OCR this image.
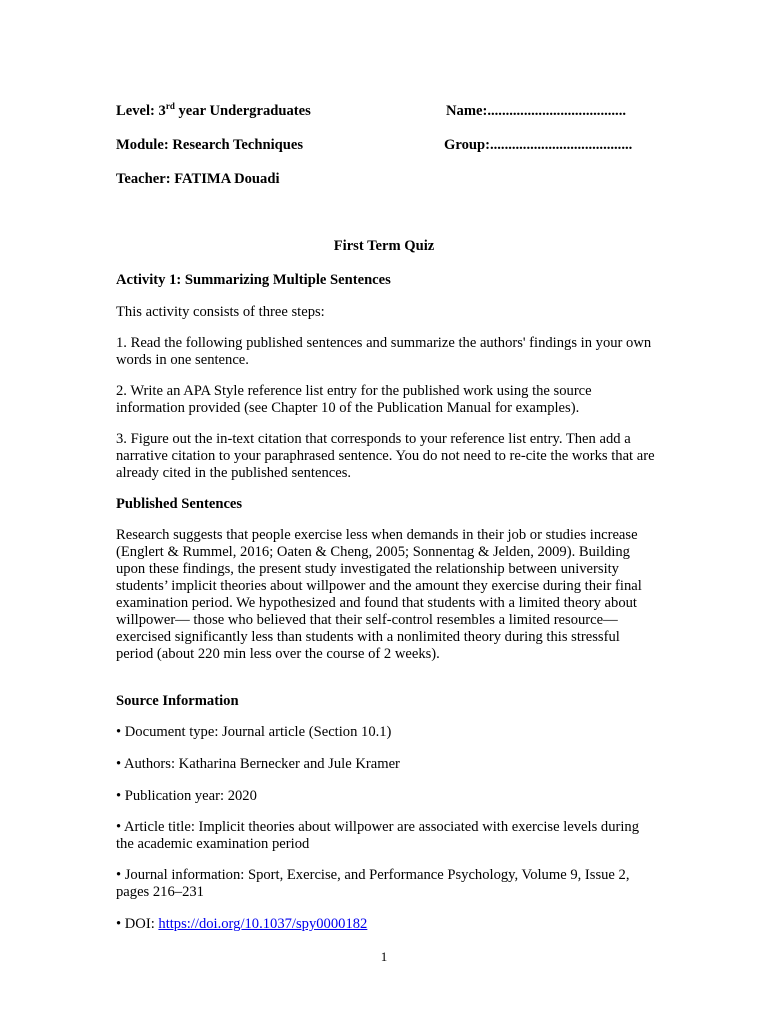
Level: 3rd year Undergraduates	Name:......................................
Module: Research Techniques	Group:.......................................
Teacher: FATIMA Douadi
First Term Quiz

Activity 1: Summarizing Multiple Sentences

This activity consists of three steps:

1. Read the following published sentences and summarize the authors' findings in your own words in one sentence.

2. Write an APA Style reference list entry for the published work using the source information provided (see Chapter 10 of the Publication Manual for examples).

3. Figure out the in-text citation that corresponds to your reference list entry. Then add a narrative citation to your paraphrased sentence. You do not need to re-cite the works that are already cited in the published sentences.

Published Sentences

Research suggests that people exercise less when demands in their job or studies increase (Englert & Rummel, 2016; Oaten & Cheng, 2005; Sonnentag & Jelden, 2009). Building upon these findings, the present study investigated the relationship between university students’ implicit theories about willpower and the amount they exercise during their final examination period. We hypothesized and found that students with a limited theory about willpower— those who believed that their self-control resembles a limited resource—exercised significantly less than students with a nonlimited theory during this stressful period (about 220 min less over the course of 2 weeks).

Source Information

• Document type: Journal article (Section 10.1)

• Authors: Katharina Bernecker and Jule Kramer

• Publication year: 2020

• Article title: Implicit theories about willpower are associated with exercise levels during the academic examination period

• Journal information: Sport, Exercise, and Performance Psychology, Volume 9, Issue 2, pages 216–231

• DOI: https://doi.org/10.1037/spy0000182

1
